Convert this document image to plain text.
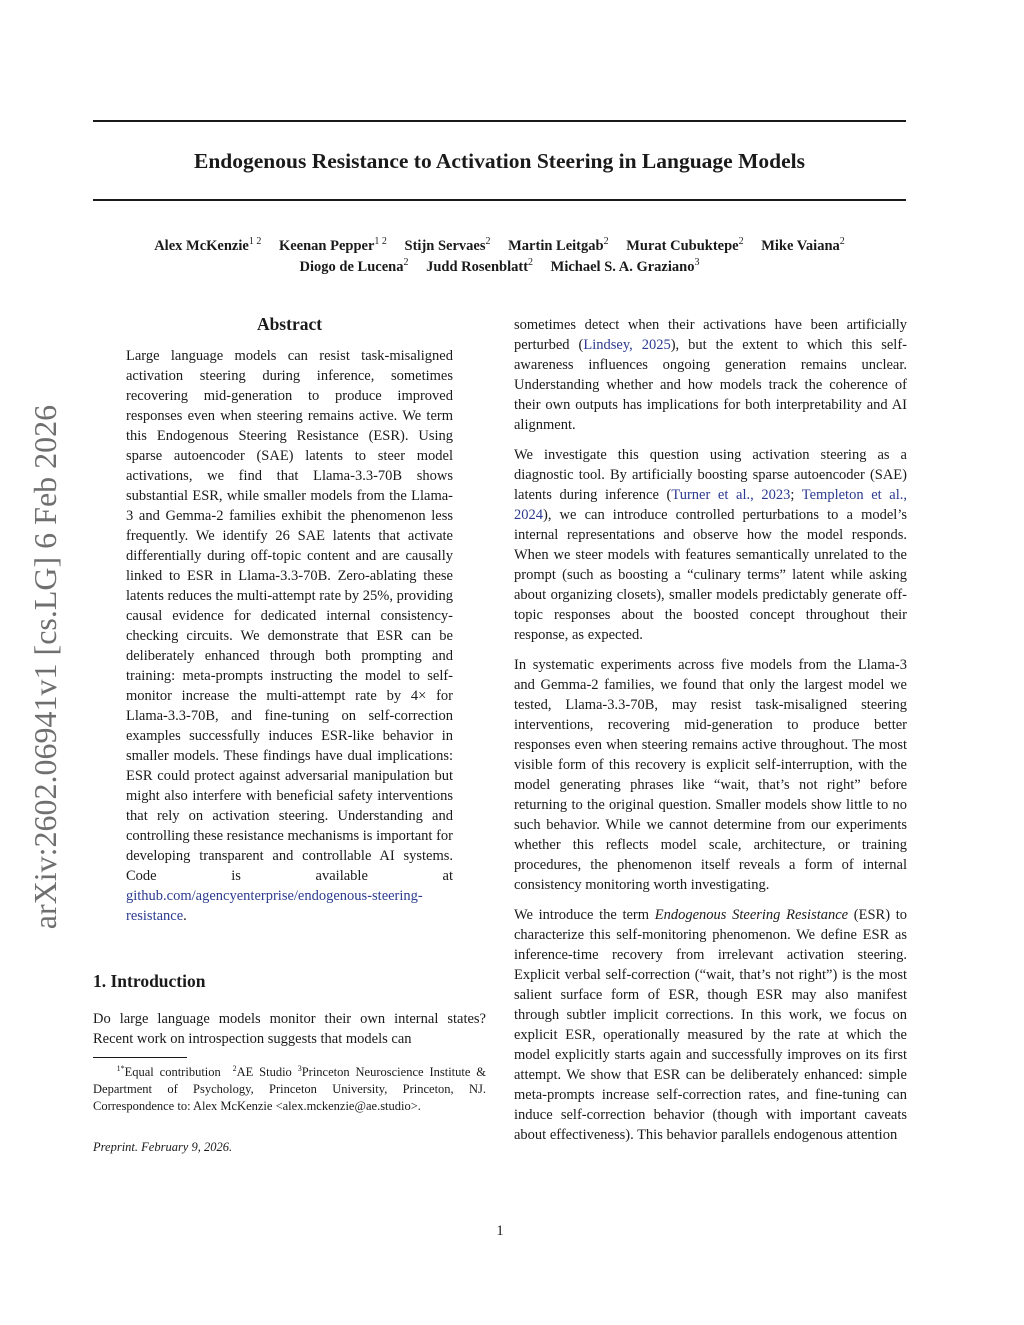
Endogenous Resistance to Activation Steering in Language Models
Alex McKenzie$^{1 2}$ Keenan Pepper$^{1 2}$ Stijn Servaes$^2$ Martin Leitgab$^2$ Murat Cubuktepe$^2$ Mike Vaiana$^2$
Diogo de Lucena$^2$ Judd Rosenblatt$^2$ Michael S. A. Graziano$^3$
arXiv:2602.06941v1 [cs.LG] 6 Feb 2026
Abstract

Large language models can resist task-misaligned activation steering during inference, sometimes recovering mid-generation to produce improved responses even when steering remains active. We term this Endogenous Steering Resistance (ESR). Using sparse autoencoder (SAE) latents to steer model activations, we find that Llama-3.3-70B shows substantial ESR, while smaller models from the Llama-3 and Gemma-2 families exhibit the phenomenon less frequently. We identify 26 SAE latents that activate differentially during off-topic content and are causally linked to ESR in Llama-3.3-70B. Zero-ablating these latents reduces the multi-attempt rate by 25%, providing causal evidence for dedicated internal consistency-checking circuits. We demonstrate that ESR can be deliberately enhanced through both prompting and training: meta-prompts instructing the model to self-monitor increase the multi-attempt rate by 4× for Llama-3.3-70B, and fine-tuning on self-correction examples successfully induces ESR-like behavior in smaller models. These findings have dual implications: ESR could protect against adversarial manipulation but might also interfere with beneficial safety interventions that rely on activation steering. Understanding and controlling these resistance mechanisms is important for developing transparent and controllable AI systems. Code is available at github.com/agencyenterprise/endogenous-steering-resistance.

1. Introduction

Do large language models monitor their own internal states? Recent work on introspection suggests that models can

$^{1*}$Equal contribution $^2$AE Studio $^3$Princeton Neuroscience Institute & Department of Psychology, Princeton University, Princeton, NJ. Correspondence to: Alex McKenzie <alex.mckenzie@ae.studio>.

Preprint. February 9, 2026.

sometimes detect when their activations have been artificially perturbed (Lindsey, 2025), but the extent to which this self-awareness influences ongoing generation remains unclear. Understanding whether and how models track the coherence of their own outputs has implications for both interpretability and AI alignment.

We investigate this question using activation steering as a diagnostic tool. By artificially boosting sparse autoencoder (SAE) latents during inference (Turner et al., 2023; Templeton et al., 2024), we can introduce controlled perturbations to a model’s internal representations and observe how the model responds. When we steer models with features semantically unrelated to the prompt (such as boosting a “culinary terms” latent while asking about organizing closets), smaller models predictably generate off-topic responses about the boosted concept throughout their response, as expected.

In systematic experiments across five models from the Llama-3 and Gemma-2 families, we found that only the largest model we tested, Llama-3.3-70B, may resist task-misaligned steering interventions, recovering mid-generation to produce better responses even when steering remains active throughout. The most visible form of this recovery is explicit self-interruption, with the model generating phrases like “wait, that’s not right” before returning to the original question. Smaller models show little to no such behavior. While we cannot determine from our experiments whether this reflects model scale, architecture, or training procedures, the phenomenon itself reveals a form of internal consistency monitoring worth investigating.

We introduce the term Endogenous Steering Resistance (ESR) to characterize this self-monitoring phenomenon. We define ESR as inference-time recovery from irrelevant activation steering. Explicit verbal self-correction (“wait, that’s not right”) is the most salient surface form of ESR, though ESR may also manifest through subtler implicit corrections. In this work, we focus on explicit ESR, operationally measured by the rate at which the model explicitly starts again and successfully improves on its first attempt. We show that ESR can be deliberately enhanced: simple meta-prompts increase self-correction rates, and fine-tuning can induce self-correction behavior (though with important caveats about effectiveness). This behavior parallels endogenous attention

1
